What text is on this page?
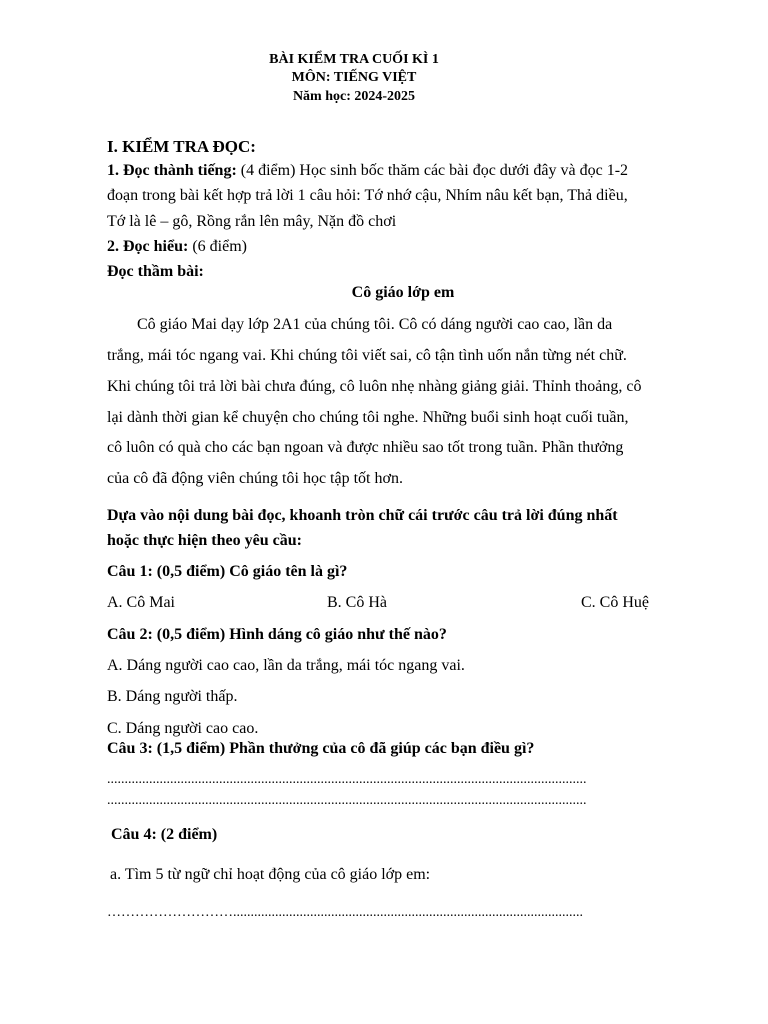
BÀI KIỂM TRA CUỐI KÌ 1
MÔN: TIẾNG VIỆT
Năm học: 2024-2025
I. KIỂM TRA ĐỌC:
1. Đọc thành tiếng: (4 điểm) Học sinh bốc thăm các bài đọc dưới đây và đọc 1-2
đoạn trong bài kết hợp trả lời 1 câu hỏi: Tớ nhớ cậu, Nhím nâu kết bạn, Thả diều,
Tớ là lê – gô, Rồng rắn lên mây, Nặn đồ chơi
2. Đọc hiểu: (6 điểm)
Đọc thầm bài:
Cô giáo lớp em
Cô giáo Mai dạy lớp 2A1 của chúng tôi. Cô có dáng người cao cao, lần da
trắng, mái tóc ngang vai. Khi chúng tôi viết sai, cô tận tình uốn nắn từng nét chữ.
Khi chúng tôi trả lời bài chưa đúng, cô luôn nhẹ nhàng giảng giải. Thỉnh thoảng, cô
lại dành thời gian kể chuyện cho chúng tôi nghe. Những buổi sinh hoạt cuối tuần,
cô luôn có quà cho các bạn ngoan và được nhiều sao tốt trong tuần. Phần thưởng
của cô đã động viên chúng tôi học tập tốt hơn.
Dựa vào nội dung bài đọc, khoanh tròn chữ cái trước câu trả lời đúng nhất
hoặc thực hiện theo yêu cầu:
Câu 1: (0,5 điểm) Cô giáo tên là gì?
A. Cô Mai	B. Cô Hà	C. Cô Huệ
Câu 2: (0,5 điểm) Hình dáng cô giáo như thế nào?
A. Dáng người cao cao, lần da trắng, mái tóc ngang vai.
B. Dáng người thấp.
C. Dáng người cao cao.
Câu 3: (1,5 điểm) Phần thưởng của cô đã giúp các bạn điều gì?
.........................................................................................................................................
.........................................................................................................................................
Câu 4: (2 điểm)
a. Tìm 5 từ ngữ chỉ hoạt động của cô giáo lớp em:
………………………....................................................................................................
